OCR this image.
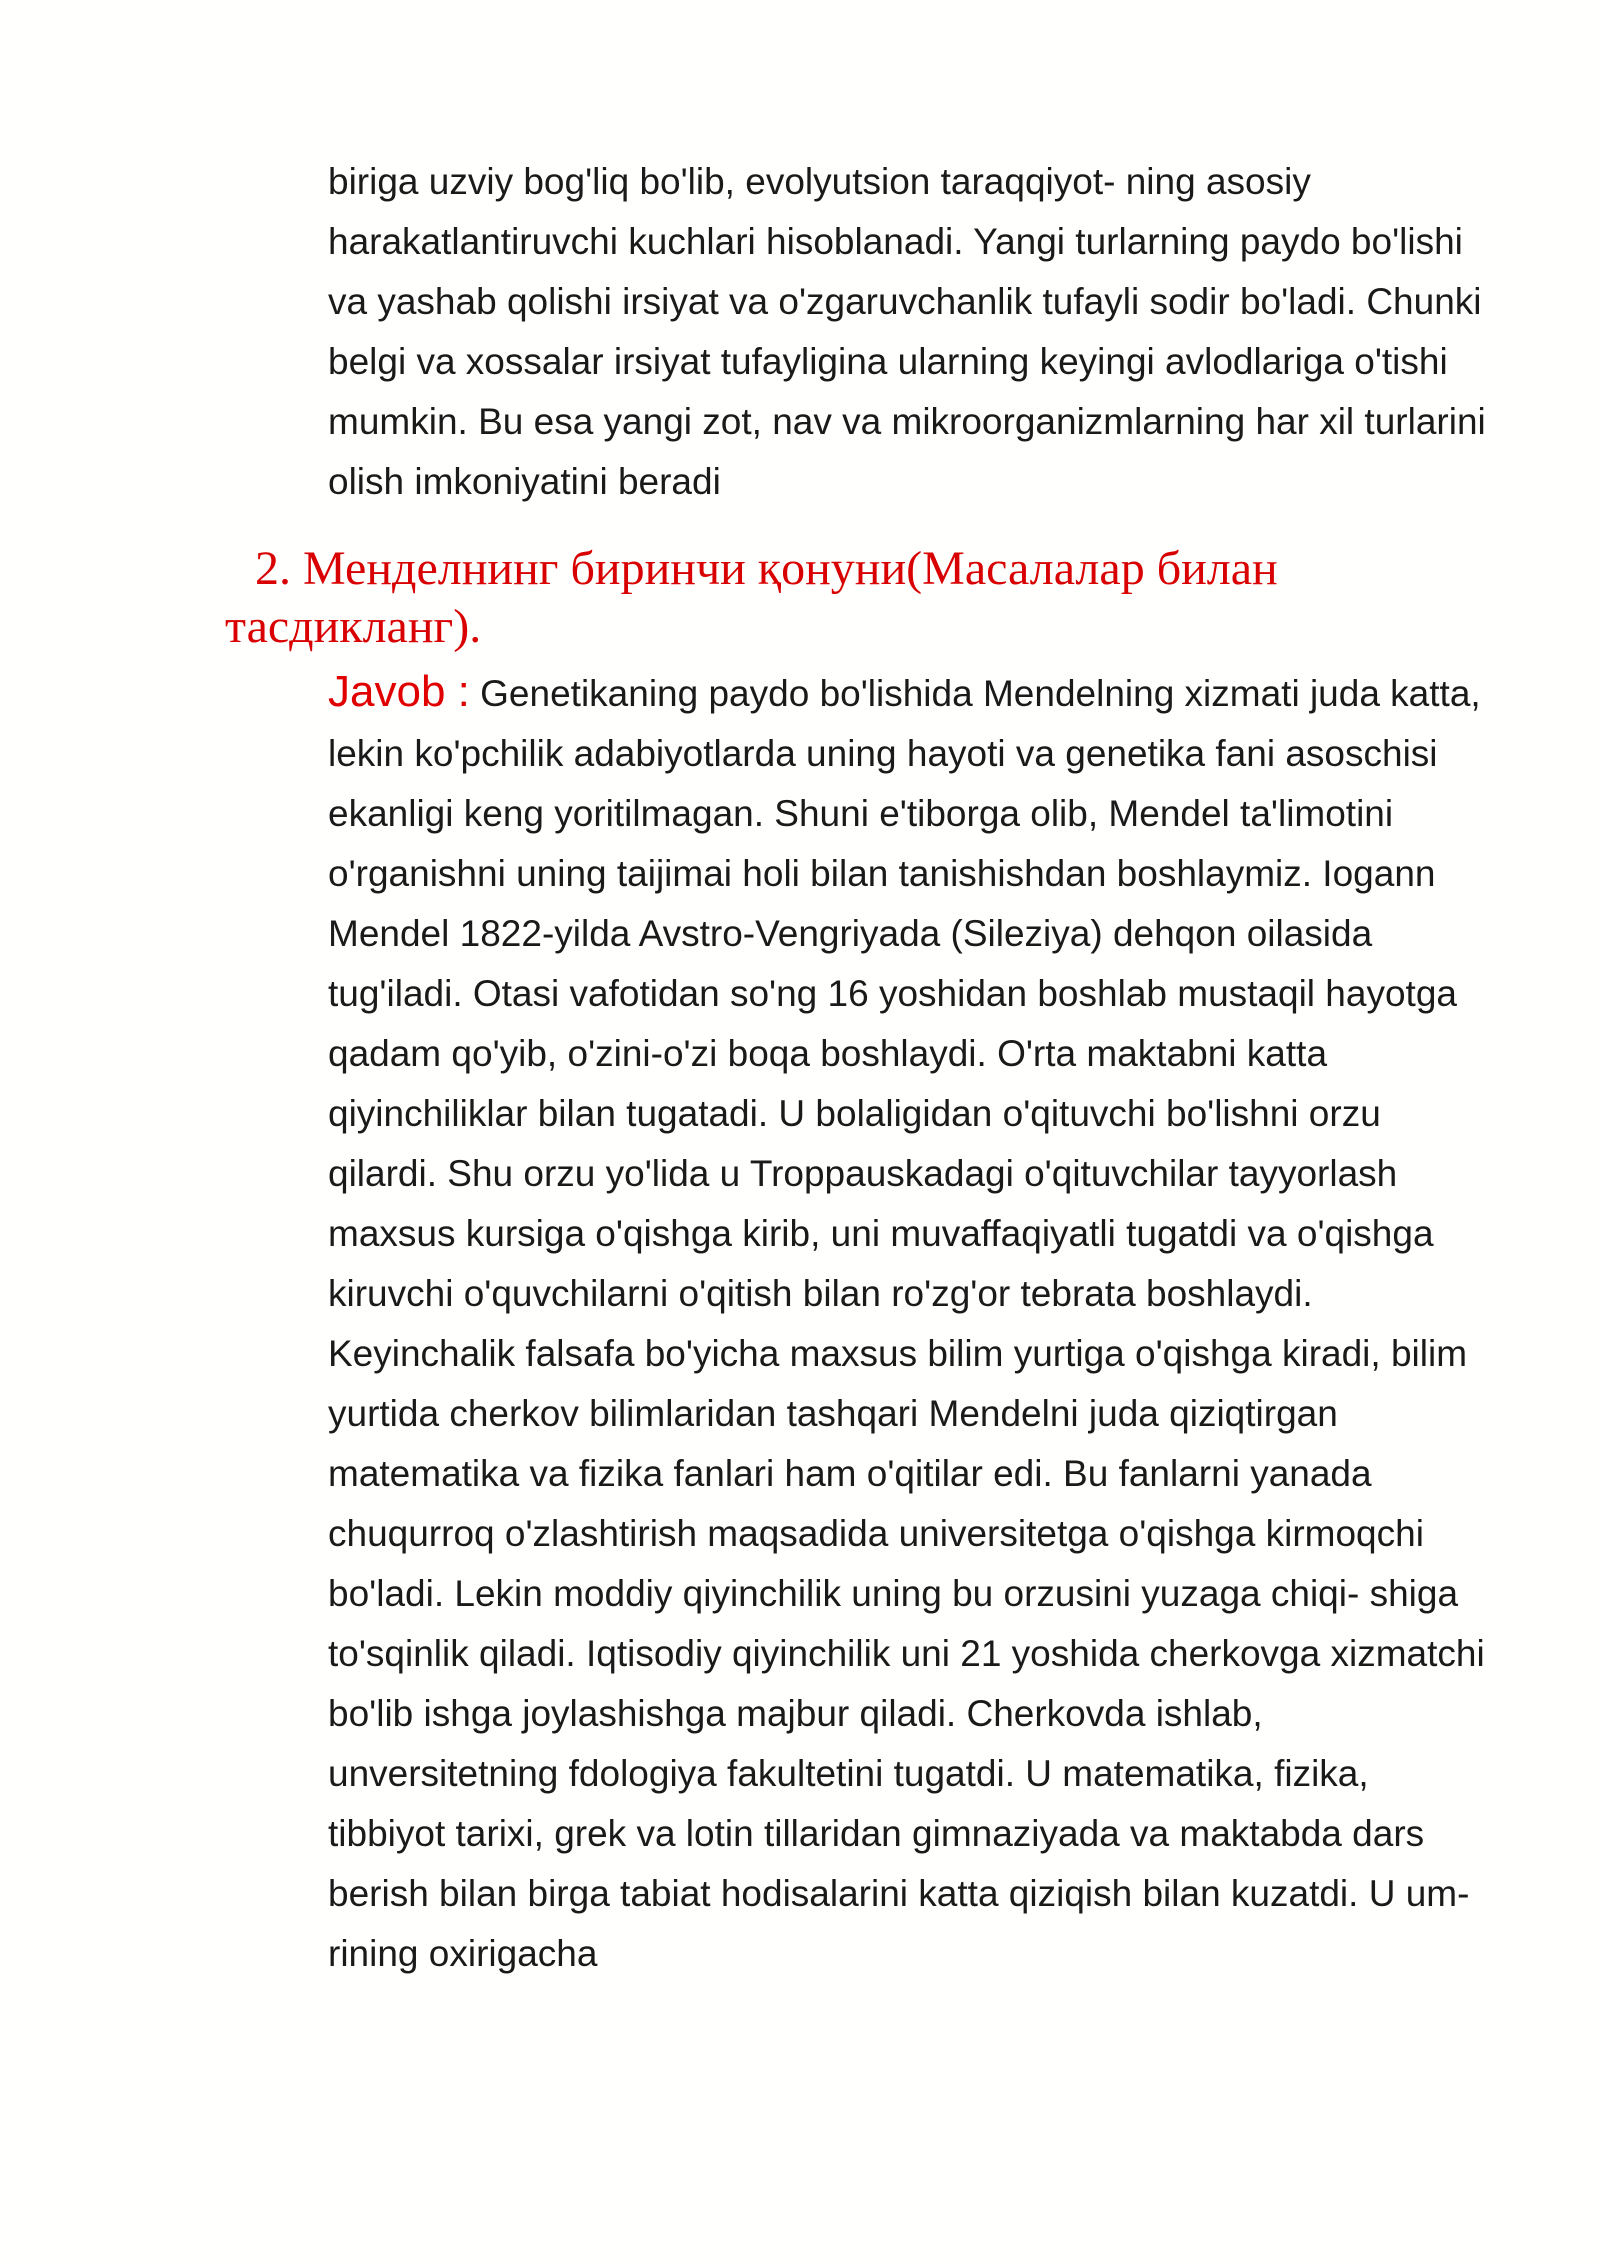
biriga uzviy bog'liq bo'lib, evolyutsion taraqqiyot- ning asosiy harakatlantiruvchi kuchlari hisoblanadi. Yangi turlarning paydo bo'lishi va yashab qolishi irsiyat va o'zgaruvchanlik tufayli sodir bo'ladi. Chunki belgi va xossalar irsiyat tufayligina ularning keyingi avlodlariga o'tishi mumkin. Bu esa yangi zot, nav va mikroorganizmlarning har xil turlarini olish imkoniyatini beradi

2. Менделнинг биринчи қонуни(Масалалар билан тасдикланг).

Javob : Genetikaning paydo bo'lishida Mendelning xizmati juda katta, lekin ko'pchilik adabiyotlarda uning hayoti va genetika fani asoschisi ekanligi keng yoritilmagan. Shuni e'tiborga olib, Mendel ta'limotini o'rganishni uning taijimai holi bilan tanishishdan boshlaymiz. Iogann Mendel 1822-yilda Avstro-Vengriyada (Sileziya) dehqon oilasida tug'iladi. Otasi vafotidan so'ng 16 yoshidan boshlab mustaqil hayotga qadam qo'yib, o'zini-o'zi boqa boshlaydi. O'rta maktabni katta qiyinchiliklar bilan tugatadi. U bolaligidan o'qituvchi bo'lishni orzu qilardi. Shu orzu yo'lida u Troppauskadagi o'qituvchilar tayyorlash maxsus kursiga o'qishga kirib, uni muvaffaqiyatli tugatdi va o'qishga kiruvchi o'quvchilarni o'qitish bilan ro'zg'or tebrata boshlaydi. Keyinchalik falsafa bo'yicha maxsus bilim yurtiga o'qishga kiradi, bilim yurtida cherkov bilimlaridan tashqari Mendelni juda qiziqtirgan matematika va fizika fanlari ham o'qitilar edi. Bu fanlarni yanada chuqurroq o'zlashtirish maqsadida universitetga o'qishga kirmoqchi bo'ladi. Lekin moddiy qiyinchilik uning bu orzusini yuzaga chiqi- shiga to'sqinlik qiladi. Iqtisodiy qiyinchilik uni 21 yoshida cherkovga xizmatchi bo'lib ishga joylashishga majbur qiladi. Cherkovda ishlab, unversitetning fdologiya fakultetini tugatdi. U matematika, fizika, tibbiyot tarixi, grek va lotin tillaridan gimnaziyada va maktabda dars berish bilan birga tabiat hodisalarini katta qiziqish bilan kuzatdi. U um- rining oxirigacha
